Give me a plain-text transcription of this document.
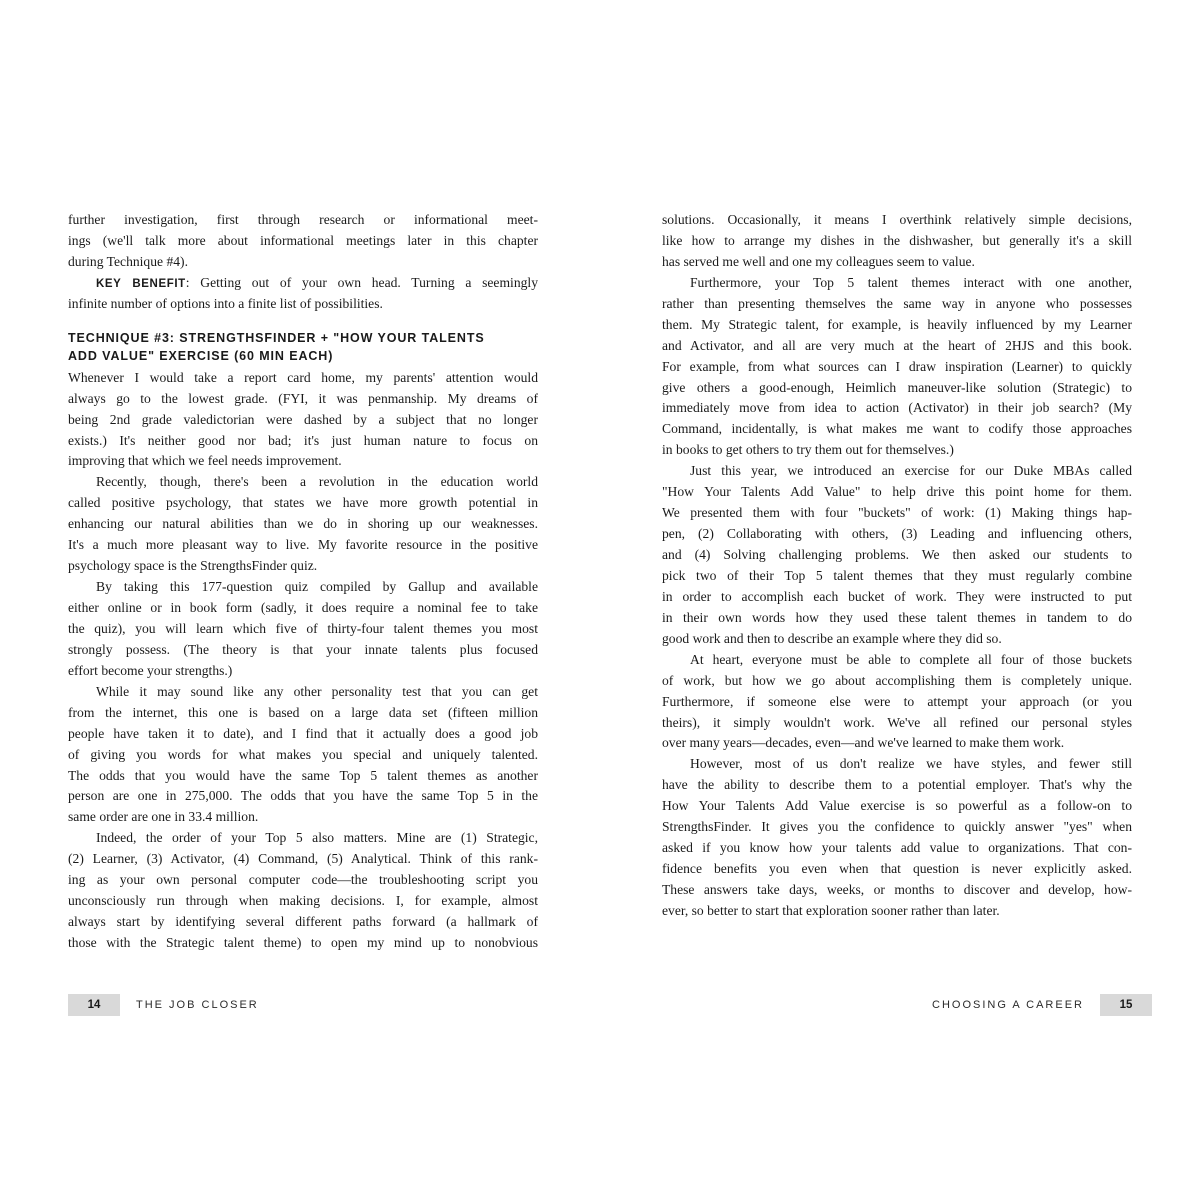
further investigation, first through research or informational meet-
ings (we'll talk more about informational meetings later in this chapter
during Technique #4).
KEY BENEFIT: Getting out of your own head. Turning a seemingly
infinite number of options into a finite list of possibilities.
TECHNIQUE #3: STRENGTHSFINDER + "HOW YOUR TALENTS
ADD VALUE" EXERCISE (60 MIN EACH)
Whenever I would take a report card home, my parents' attention would
always go to the lowest grade. (FYI, it was penmanship. My dreams of
being 2nd grade valedictorian were dashed by a subject that no longer
exists.) It's neither good nor bad; it's just human nature to focus on
improving that which we feel needs improvement.
Recently, though, there's been a revolution in the education world
called positive psychology, that states we have more growth potential in
enhancing our natural abilities than we do in shoring up our weaknesses.
It's a much more pleasant way to live. My favorite resource in the positive
psychology space is the StrengthsFinder quiz.
By taking this 177-question quiz compiled by Gallup and available
either online or in book form (sadly, it does require a nominal fee to take
the quiz), you will learn which five of thirty-four talent themes you most
strongly possess. (The theory is that your innate talents plus focused
effort become your strengths.)
While it may sound like any other personality test that you can get
from the internet, this one is based on a large data set (fifteen million
people have taken it to date), and I find that it actually does a good job
of giving you words for what makes you special and uniquely talented.
The odds that you would have the same Top 5 talent themes as another
person are one in 275,000. The odds that you have the same Top 5 in the
same order are one in 33.4 million.
Indeed, the order of your Top 5 also matters. Mine are (1) Strategic,
(2) Learner, (3) Activator, (4) Command, (5) Analytical. Think of this rank-
ing as your own personal computer code—the troubleshooting script you
unconsciously run through when making decisions. I, for example, almost
always start by identifying several different paths forward (a hallmark of
those with the Strategic talent theme) to open my mind up to nonobvious
solutions. Occasionally, it means I overthink relatively simple decisions,
like how to arrange my dishes in the dishwasher, but generally it's a skill
has served me well and one my colleagues seem to value.
Furthermore, your Top 5 talent themes interact with one another,
rather than presenting themselves the same way in anyone who possesses
them. My Strategic talent, for example, is heavily influenced by my Learner
and Activator, and all are very much at the heart of 2HJS and this book.
For example, from what sources can I draw inspiration (Learner) to quickly
give others a good-enough, Heimlich maneuver-like solution (Strategic) to
immediately move from idea to action (Activator) in their job search? (My
Command, incidentally, is what makes me want to codify those approaches
in books to get others to try them out for themselves.)
Just this year, we introduced an exercise for our Duke MBAs called
"How Your Talents Add Value" to help drive this point home for them.
We presented them with four "buckets" of work: (1) Making things hap-
pen, (2) Collaborating with others, (3) Leading and influencing others,
and (4) Solving challenging problems. We then asked our students to
pick two of their Top 5 talent themes that they must regularly combine
in order to accomplish each bucket of work. They were instructed to put
in their own words how they used these talent themes in tandem to do
good work and then to describe an example where they did so.
At heart, everyone must be able to complete all four of those buckets
of work, but how we go about accomplishing them is completely unique.
Furthermore, if someone else were to attempt your approach (or you
theirs), it simply wouldn't work. We've all refined our personal styles
over many years—decades, even—and we've learned to make them work.
However, most of us don't realize we have styles, and fewer still
have the ability to describe them to a potential employer. That's why the
How Your Talents Add Value exercise is so powerful as a follow-on to
StrengthsFinder. It gives you the confidence to quickly answer "yes" when
asked if you know how your talents add value to organizations. That con-
fidence benefits you even when that question is never explicitly asked.
These answers take days, weeks, or months to discover and develop, how-
ever, so better to start that exploration sooner rather than later.
14	THE JOB CLOSER	CHOOSING A CAREER	15
